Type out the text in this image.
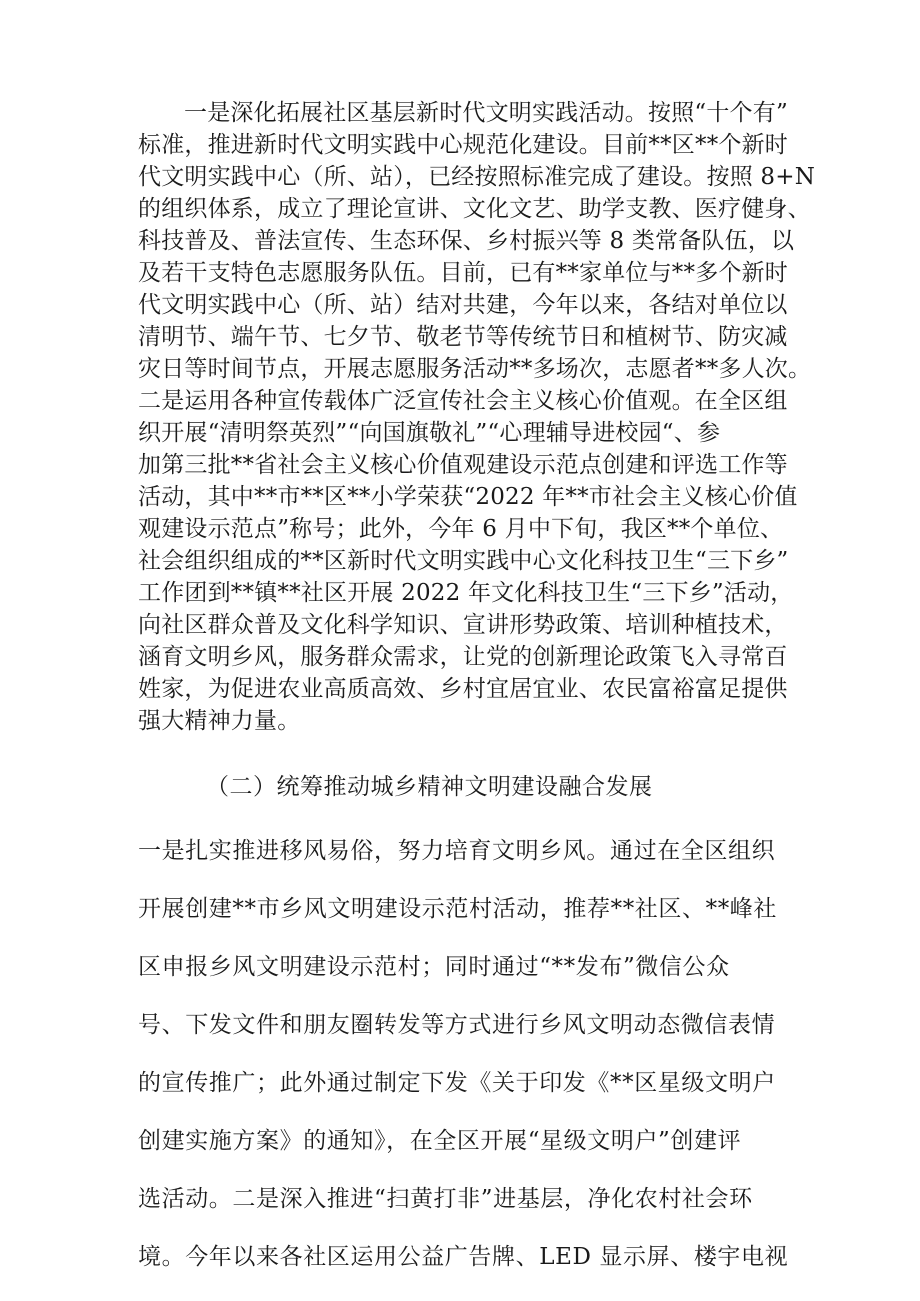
一是深化拓展社区基层新时代文明实践活动。按照“十个有”
标准，推进新时代文明实践中心规范化建设。目前**区**个新时
代文明实践中心（所、站），已经按照标准完成了建设。按照 8+N
的组织体系，成立了理论宣讲、文化文艺、助学支教、医疗健身、
科技普及、普法宣传、生态环保、乡村振兴等 8 类常备队伍，以
及若干支特色志愿服务队伍。目前，已有**家单位与**多个新时
代文明实践中心（所、站）结对共建，今年以来，各结对单位以
清明节、端午节、七夕节、敬老节等传统节日和植树节、防灾减
灾日等时间节点，开展志愿服务活动**多场次，志愿者**多人次。
二是运用各种宣传载体广泛宣传社会主义核心价值观。在全区组
织开展“清明祭英烈”“向国旗敬礼”“心理辅导进校园“、参
加第三批**省社会主义核心价值观建设示范点创建和评选工作等
活动，其中**市**区**小学荣获“2022 年**市社会主义核心价值
观建设示范点”称号；此外，今年 6 月中下旬，我区**个单位、
社会组织组成的**区新时代文明实践中心文化科技卫生“三下乡”
工作团到**镇**社区开展 2022 年文化科技卫生“三下乡”活动，
向社区群众普及文化科学知识、宣讲形势政策、培训种植技术，
涵育文明乡风，服务群众需求，让党的创新理论政策飞入寻常百
姓家，为促进农业高质高效、乡村宜居宜业、农民富裕富足提供
强大精神力量。
（二）统筹推动城乡精神文明建设融合发展
一是扎实推进移风易俗，努力培育文明乡风。通过在全区组织
开展创建**市乡风文明建设示范村活动，推荐**社区、**峰社
区申报乡风文明建设示范村；同时通过“**发布”微信公众
号、下发文件和朋友圈转发等方式进行乡风文明动态微信表情
的宣传推广；此外通过制定下发《关于印发《**区星级文明户
创建实施方案》的通知》，在全区开展“星级文明户”创建评
选活动。二是深入推进“扫黄打非”进基层，净化农村社会环
境。今年以来各社区运用公益广告牌、LED 显示屏、楼宇电视
